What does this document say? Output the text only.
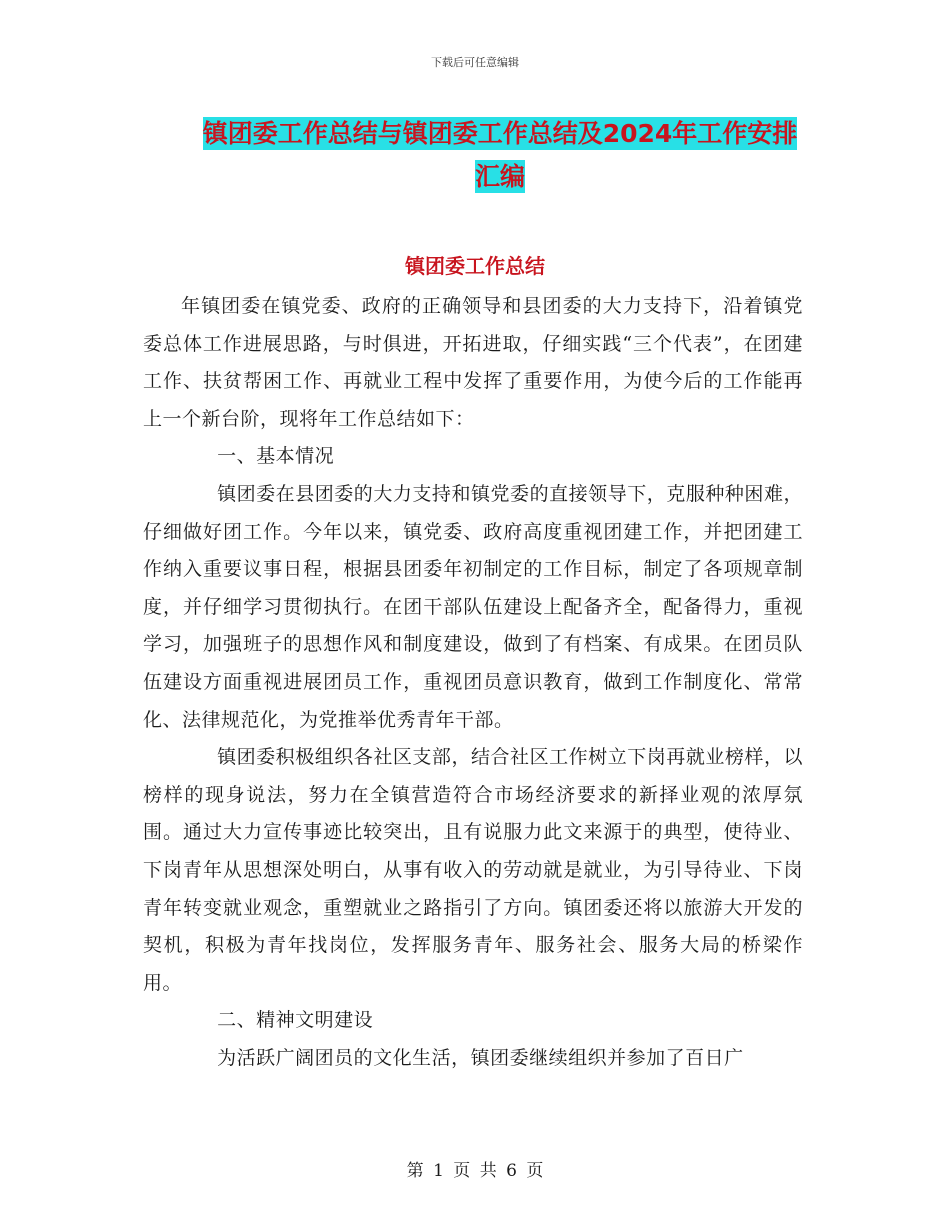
下载后可任意编辑
镇团委工作总结与镇团委工作总结及2024年工作安排
汇编
镇团委工作总结

年镇团委在镇党委、政府的正确领导和县团委的大力支持下，沿着镇党委总体工作进展思路，与时俱进，开拓进取，仔细实践“三个代表”，在团建工作、扶贫帮困工作、再就业工程中发挥了重要作用，为使今后的工作能再上一个新台阶，现将年工作总结如下：

一、基本情况

镇团委在县团委的大力支持和镇党委的直接领导下，克服种种困难，仔细做好团工作。今年以来，镇党委、政府高度重视团建工作，并把团建工作纳入重要议事日程，根据县团委年初制定的工作目标，制定了各项规章制度，并仔细学习贯彻执行。在团干部队伍建设上配备齐全，配备得力，重视学习，加强班子的思想作风和制度建设，做到了有档案、有成果。在团员队伍建设方面重视进展团员工作，重视团员意识教育，做到工作制度化、常常化、法律规范化，为党推举优秀青年干部。

镇团委积极组织各社区支部，结合社区工作树立下岗再就业榜样，以榜样的现身说法，努力在全镇营造符合市场经济要求的新择业观的浓厚氛围。通过大力宣传事迹比较突出，且有说服力此文来源于的典型，使待业、下岗青年从思想深处明白，从事有收入的劳动就是就业，为引导待业、下岗青年转变就业观念，重塑就业之路指引了方向。镇团委还将以旅游大开发的契机，积极为青年找岗位，发挥服务青年、服务社会、服务大局的桥梁作用。

二、精神文明建设

为活跃广阔团员的文化生活，镇团委继续组织并参加了百日广

第 1 页 共 6 页
